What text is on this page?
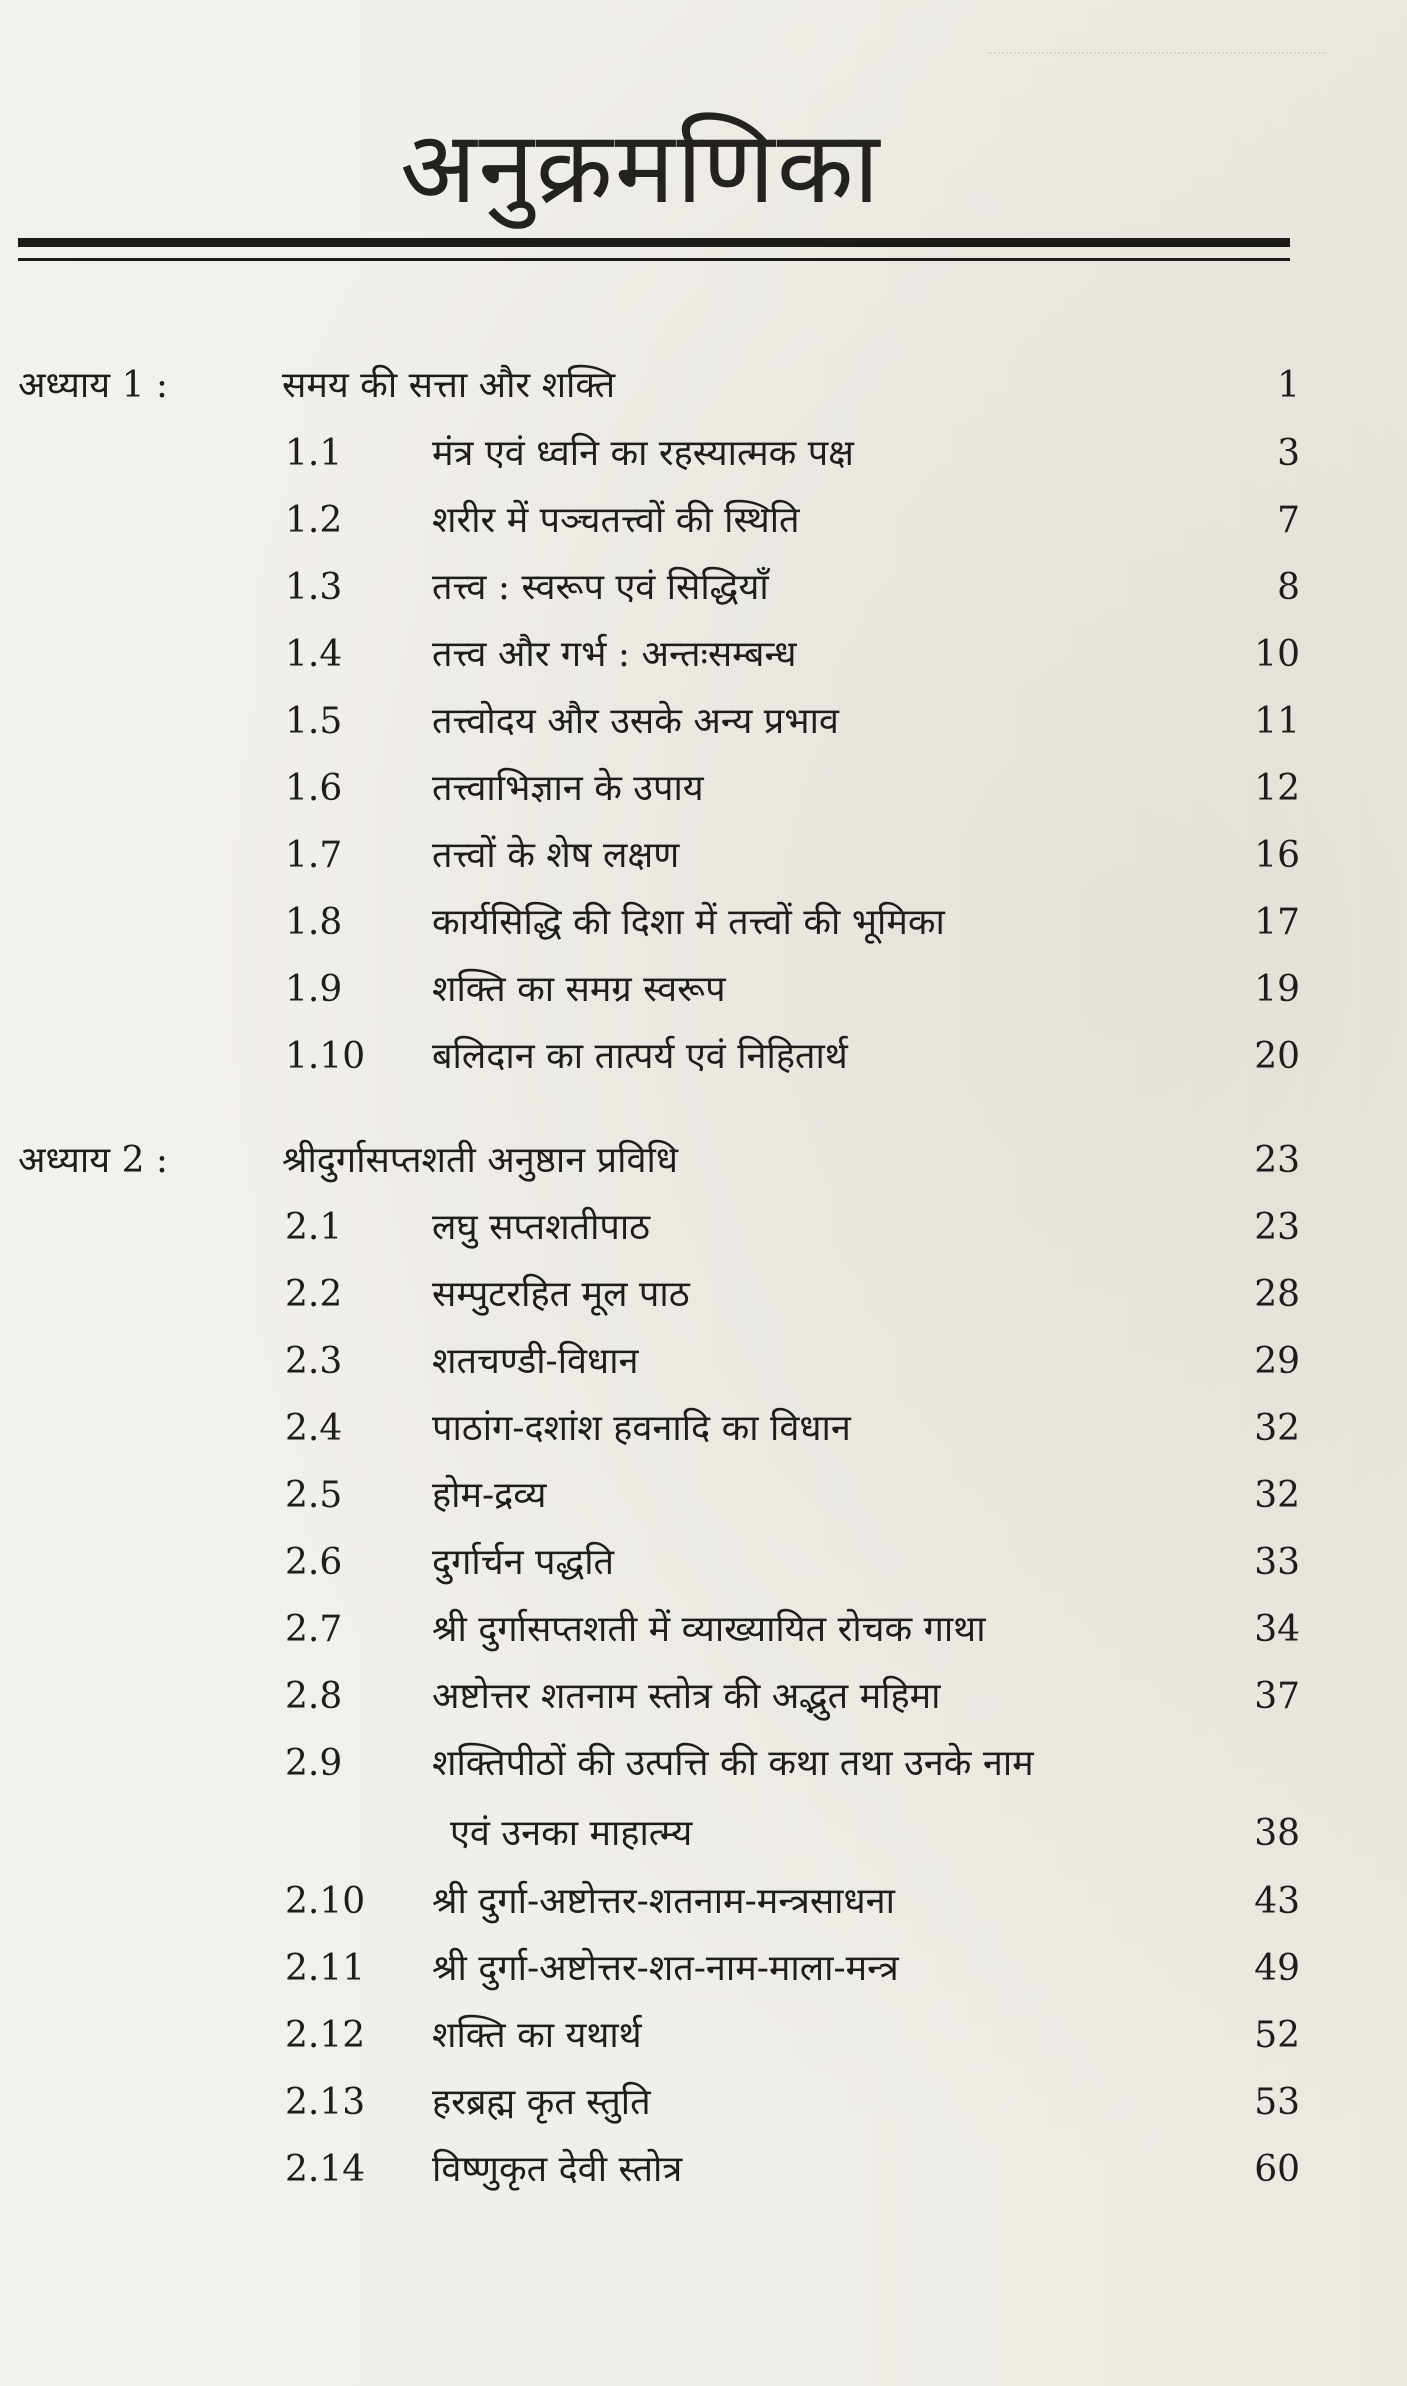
अनुक्रमणिका
अध्याय 1 :	समय की सत्ता और शक्ति	1
1.1 मंत्र एवं ध्वनि का रहस्यात्मक पक्ष	3
1.2 शरीर में पञ्चतत्त्वों की स्थिति	7
1.3 तत्त्व : स्वरूप एवं सिद्धियाँ	8
1.4 तत्त्व और गर्भ : अन्तःसम्बन्ध	10
1.5 तत्त्वोदय और उसके अन्य प्रभाव	11
1.6 तत्त्वाभिज्ञान के उपाय	12
1.7 तत्त्वों के शेष लक्षण	16
1.8 कार्यसिद्धि की दिशा में तत्त्वों की भूमिका	17
1.9 शक्ति का समग्र स्वरूप	19
1.10 बलिदान का तात्पर्य एवं निहितार्थ	20
अध्याय 2 :	श्रीदुर्गासप्तशती अनुष्ठान प्रविधि	23
2.1 लघु सप्तशतीपाठ	23
2.2 सम्पुटरहित मूल पाठ	28
2.3 शतचण्डी-विधान	29
2.4 पाठांग-दशांश हवनादि का विधान	32
2.5 होम-द्रव्य	32
2.6 दुर्गार्चन पद्धति	33
2.7 श्री दुर्गासप्तशती में व्याख्यायित रोचक गाथा	34
2.8 अष्टोत्तर शतनाम स्तोत्र की अद्भुत महिमा	37
2.9 शक्तिपीठों की उत्पत्ति की कथा तथा उनके नाम
एवं उनका माहात्म्य	38
2.10 श्री दुर्गा-अष्टोत्तर-शतनाम-मन्त्रसाधना	43
2.11 श्री दुर्गा-अष्टोत्तर-शत-नाम-माला-मन्त्र	49
2.12 शक्ति का यथार्थ	52
2.13 हरब्रह्म कृत स्तुति	53
2.14 विष्णुकृत देवी स्तोत्र	60
